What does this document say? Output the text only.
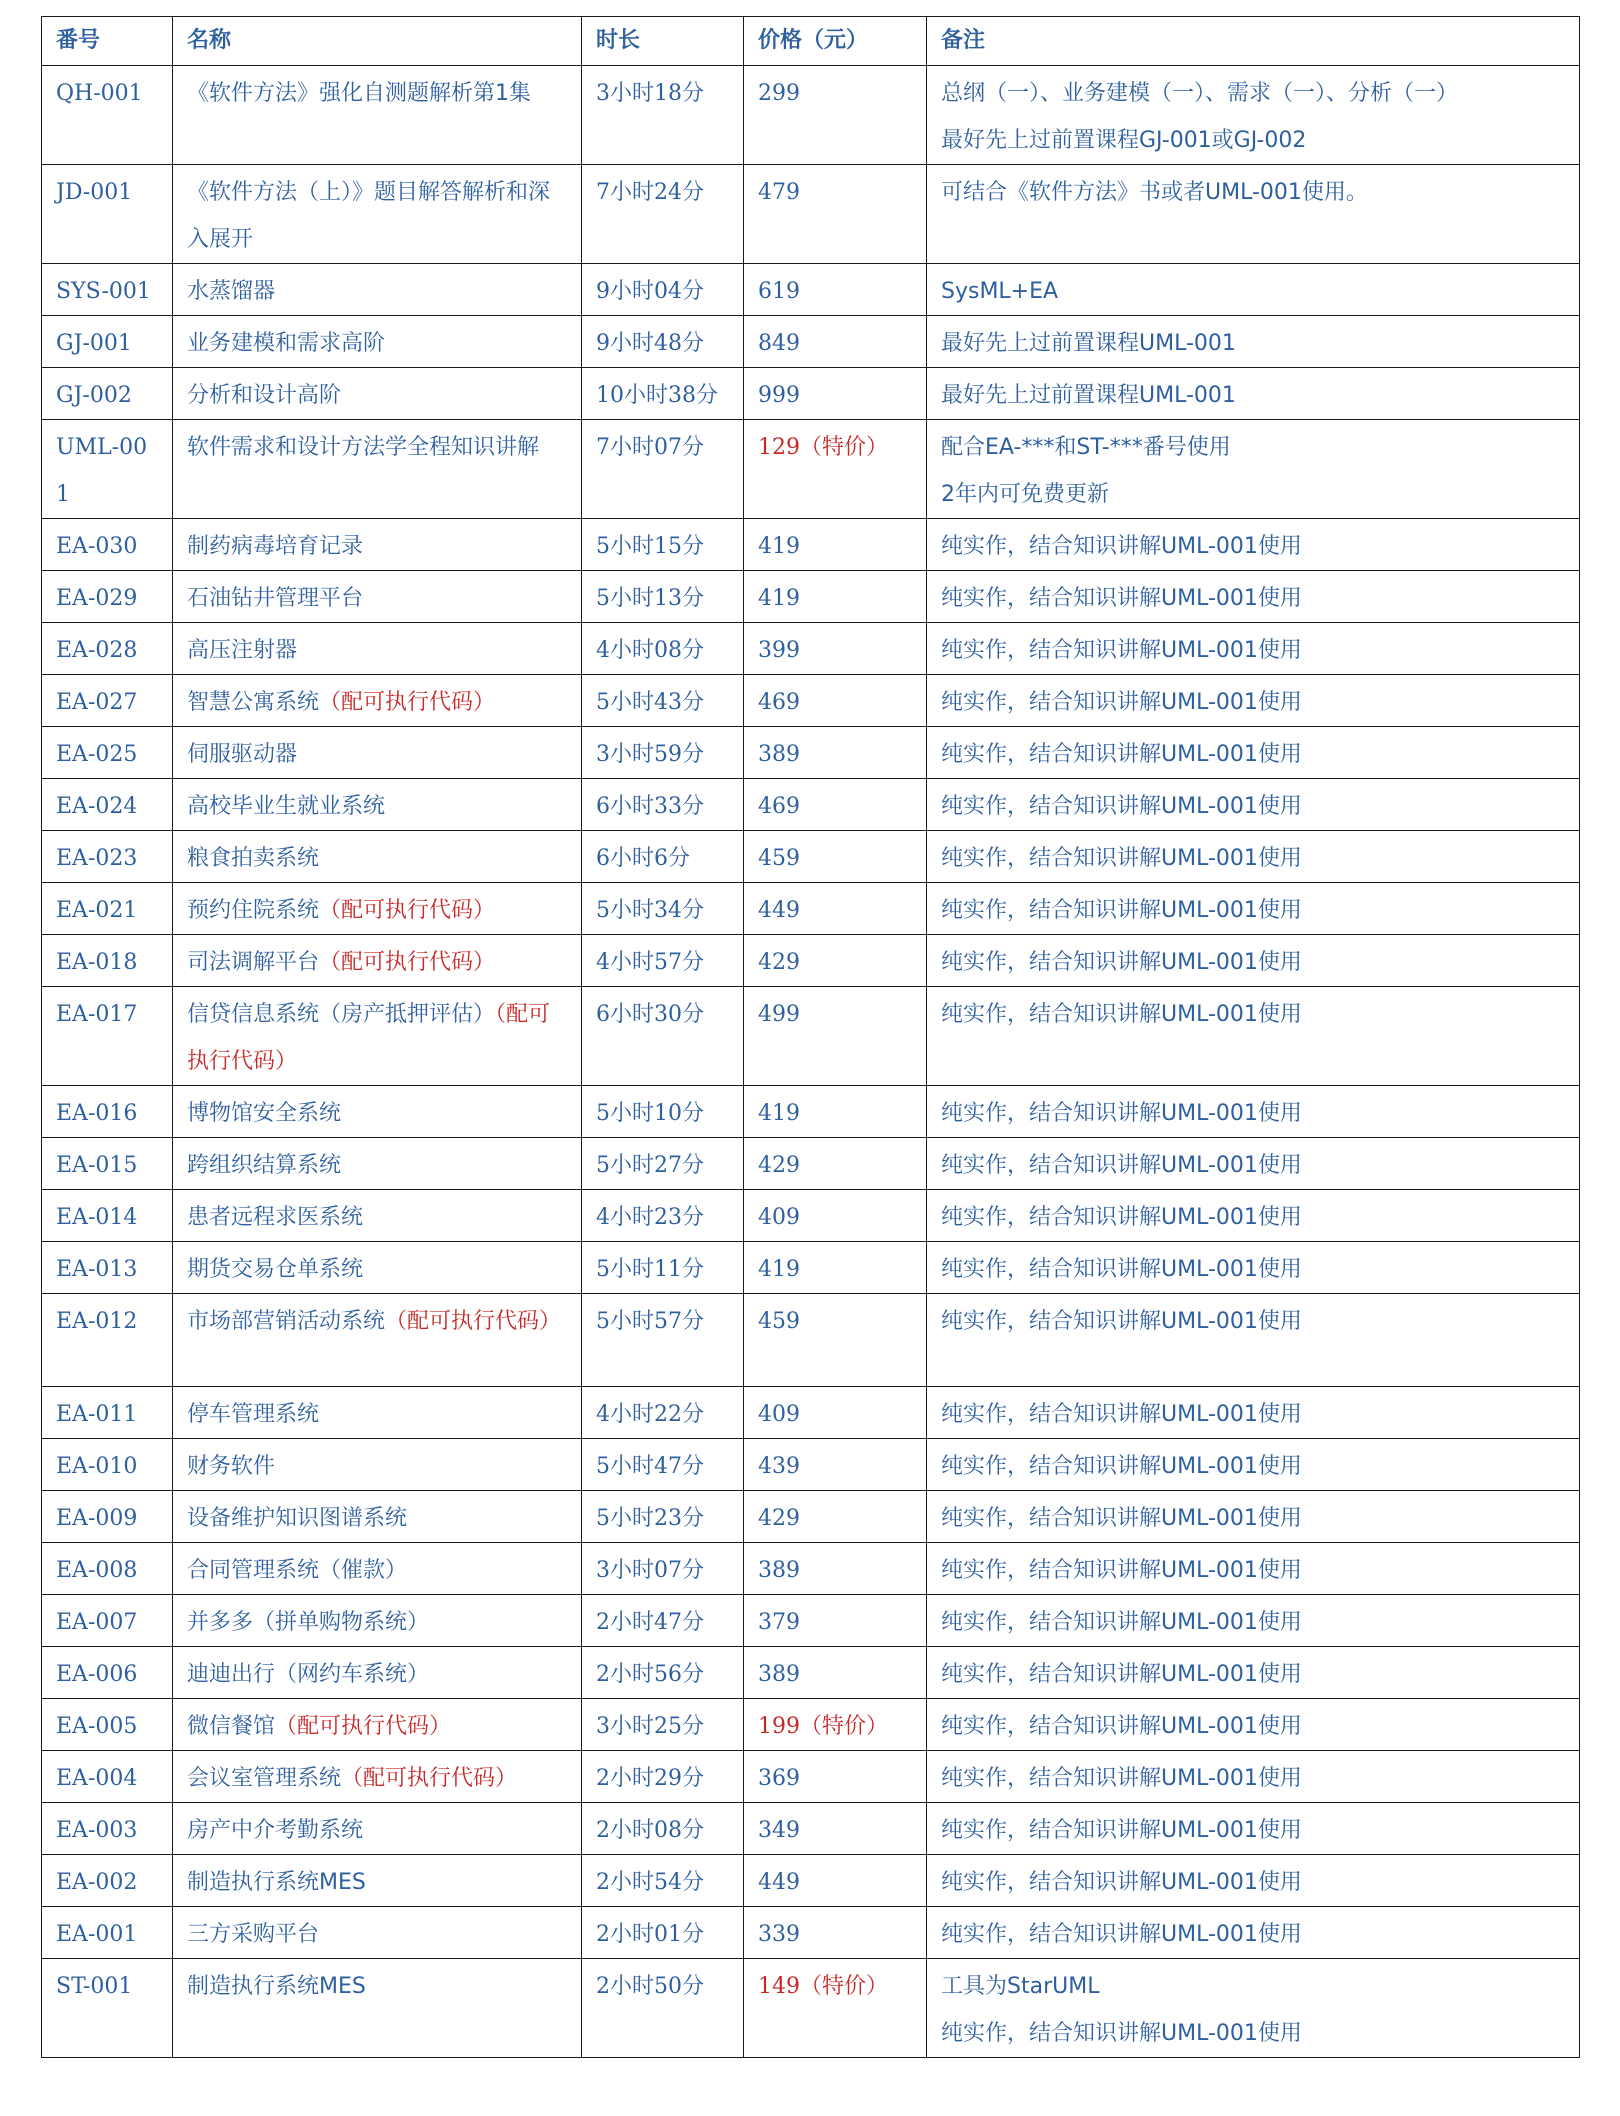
番号	名称	时长	价格（元）	备注
QH-001	《软件方法》强化自测题解析第1集	3小时18分	299	总纲（一）、业务建模（一）、需求（一）、分析（一）
最好先上过前置课程GJ-001或GJ-002

JD-001	《软件方法（上）》题目解答解析和深入展开	7小时24分	479	可结合《软件方法》书或者UML-001使用。

SYS-001	水蒸馏器	9小时04分	619	SysML+EA

GJ-001	业务建模和需求高阶	9小时48分	849	最好先上过前置课程UML-001

GJ-002	分析和设计高阶	10小时38分	999	最好先上过前置课程UML-001

UML-001	软件需求和设计方法学全程知识讲解	7小时07分	129（特价）	配合EA-***和ST-***番号使用
2年内可免费更新

EA-030	制药病毒培育记录	5小时15分	419	纯实作，结合知识讲解UML-001使用

EA-029	石油钻井管理平台	5小时13分	419	纯实作，结合知识讲解UML-001使用

EA-028	高压注射器	4小时08分	399	纯实作，结合知识讲解UML-001使用

EA-027	智慧公寓系统（配可执行代码）	5小时43分	469	纯实作，结合知识讲解UML-001使用

EA-025	伺服驱动器	3小时59分	389	纯实作，结合知识讲解UML-001使用

EA-024	高校毕业生就业系统	6小时33分	469	纯实作，结合知识讲解UML-001使用

EA-023	粮食拍卖系统	6小时6分	459	纯实作，结合知识讲解UML-001使用

EA-021	预约住院系统（配可执行代码）	5小时34分	449	纯实作，结合知识讲解UML-001使用

EA-018	司法调解平台（配可执行代码）	4小时57分	429	纯实作，结合知识讲解UML-001使用

EA-017	信贷信息系统（房产抵押评估）（配可执行代码）	6小时30分	499	纯实作，结合知识讲解UML-001使用

EA-016	博物馆安全系统	5小时10分	419	纯实作，结合知识讲解UML-001使用

EA-015	跨组织结算系统	5小时27分	429	纯实作，结合知识讲解UML-001使用

EA-014	患者远程求医系统	4小时23分	409	纯实作，结合知识讲解UML-001使用

EA-013	期货交易仓单系统	5小时11分	419	纯实作，结合知识讲解UML-001使用

EA-012	市场部营销活动系统（配可执行代码）	5小时57分	459	纯实作，结合知识讲解UML-001使用

EA-011	停车管理系统	4小时22分	409	纯实作，结合知识讲解UML-001使用

EA-010	财务软件	5小时47分	439	纯实作，结合知识讲解UML-001使用

EA-009	设备维护知识图谱系统	5小时23分	429	纯实作，结合知识讲解UML-001使用

EA-008	合同管理系统（催款）	3小时07分	389	纯实作，结合知识讲解UML-001使用

EA-007	并多多（拼单购物系统）	2小时47分	379	纯实作，结合知识讲解UML-001使用

EA-006	迪迪出行（网约车系统）	2小时56分	389	纯实作，结合知识讲解UML-001使用

EA-005	微信餐馆（配可执行代码）	3小时25分	199（特价）	纯实作，结合知识讲解UML-001使用

EA-004	会议室管理系统（配可执行代码）	2小时29分	369	纯实作，结合知识讲解UML-001使用

EA-003	房产中介考勤系统	2小时08分	349	纯实作，结合知识讲解UML-001使用

EA-002	制造执行系统MES	2小时54分	449	纯实作，结合知识讲解UML-001使用

EA-001	三方采购平台	2小时01分	339	纯实作，结合知识讲解UML-001使用

ST-001	制造执行系统MES	2小时50分	149（特价）	工具为StarUML
纯实作，结合知识讲解UML-001使用
